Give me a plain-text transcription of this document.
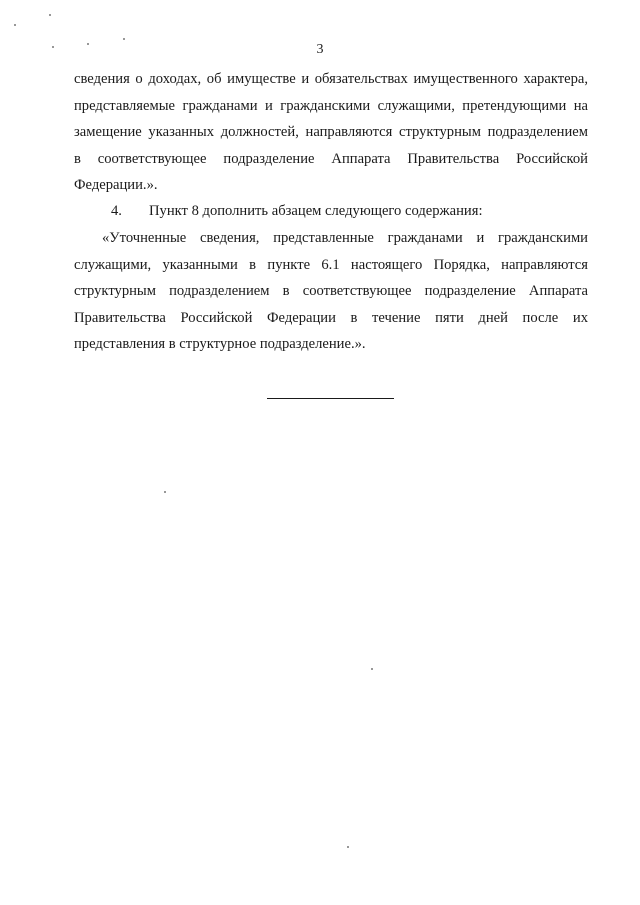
3
сведения о доходах, об имуществе и обязательствах имущественного характера,
представляемые гражданами и гражданскими служащими, претендующими на
замещение указанных должностей, направляются структурным подразделением
в соответствующее подразделение Аппарата Правительства Российской
Федерации.».
4. Пункт 8 дополнить абзацем следующего содержания:
«Уточненные сведения, представленные гражданами и гражданскими
служащими, указанными в пункте 6.1 настоящего Порядка, направляются
структурным подразделением в соответствующее подразделение Аппарата
Правительства Российской Федерации в течение пяти дней после их
представления в структурное подразделение.».
